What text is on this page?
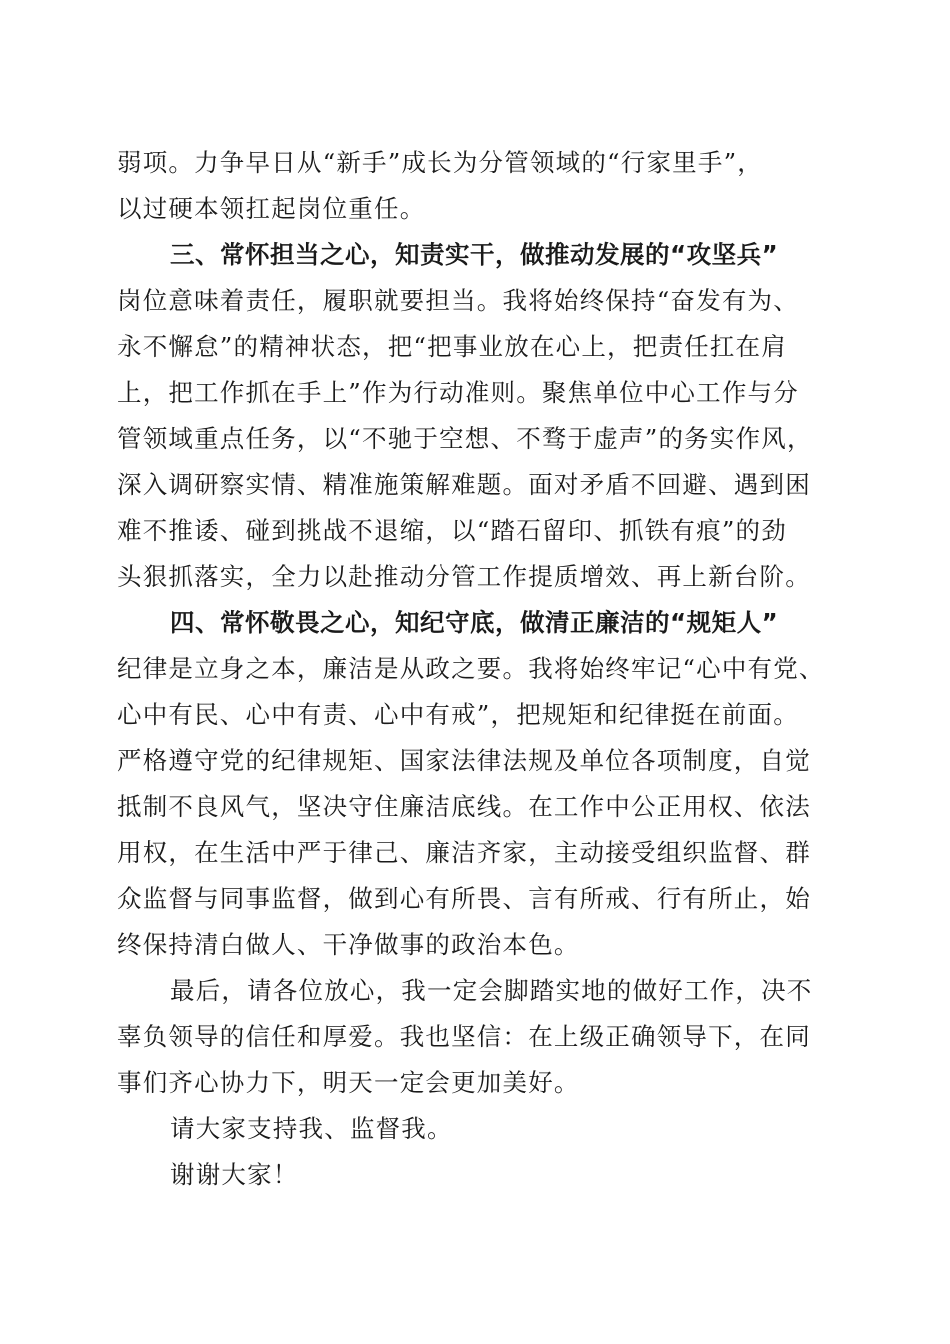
弱项。力争早日从“新手”成长为分管领域的“行家里手”，
以过硬本领扛起岗位重任。
三、常怀担当之心，知责实干，做推动发展的“攻坚兵”
岗位意味着责任，履职就要担当。我将始终保持“奋发有为、
永不懈怠”的精神状态，把“把事业放在心上，把责任扛在肩
上，把工作抓在手上”作为行动准则。聚焦单位中心工作与分
管领域重点任务，以“不驰于空想、不骛于虚声”的务实作风，
深入调研察实情、精准施策解难题。面对矛盾不回避、遇到困
难不推诿、碰到挑战不退缩，以“踏石留印、抓铁有痕”的劲
头狠抓落实，全力以赴推动分管工作提质增效、再上新台阶。
四、常怀敬畏之心，知纪守底，做清正廉洁的“规矩人”
纪律是立身之本，廉洁是从政之要。我将始终牢记“心中有党、
心中有民、心中有责、心中有戒”，把规矩和纪律挺在前面。
严格遵守党的纪律规矩、国家法律法规及单位各项制度，自觉
抵制不良风气，坚决守住廉洁底线。在工作中公正用权、依法
用权，在生活中严于律己、廉洁齐家，主动接受组织监督、群
众监督与同事监督，做到心有所畏、言有所戒、行有所止，始
终保持清白做人、干净做事的政治本色。
最后，请各位放心，我一定会脚踏实地的做好工作，决不
辜负领导的信任和厚爱。我也坚信：在上级正确领导下，在同
事们齐心协力下，明天一定会更加美好。
请大家支持我、监督我。
谢谢大家！
